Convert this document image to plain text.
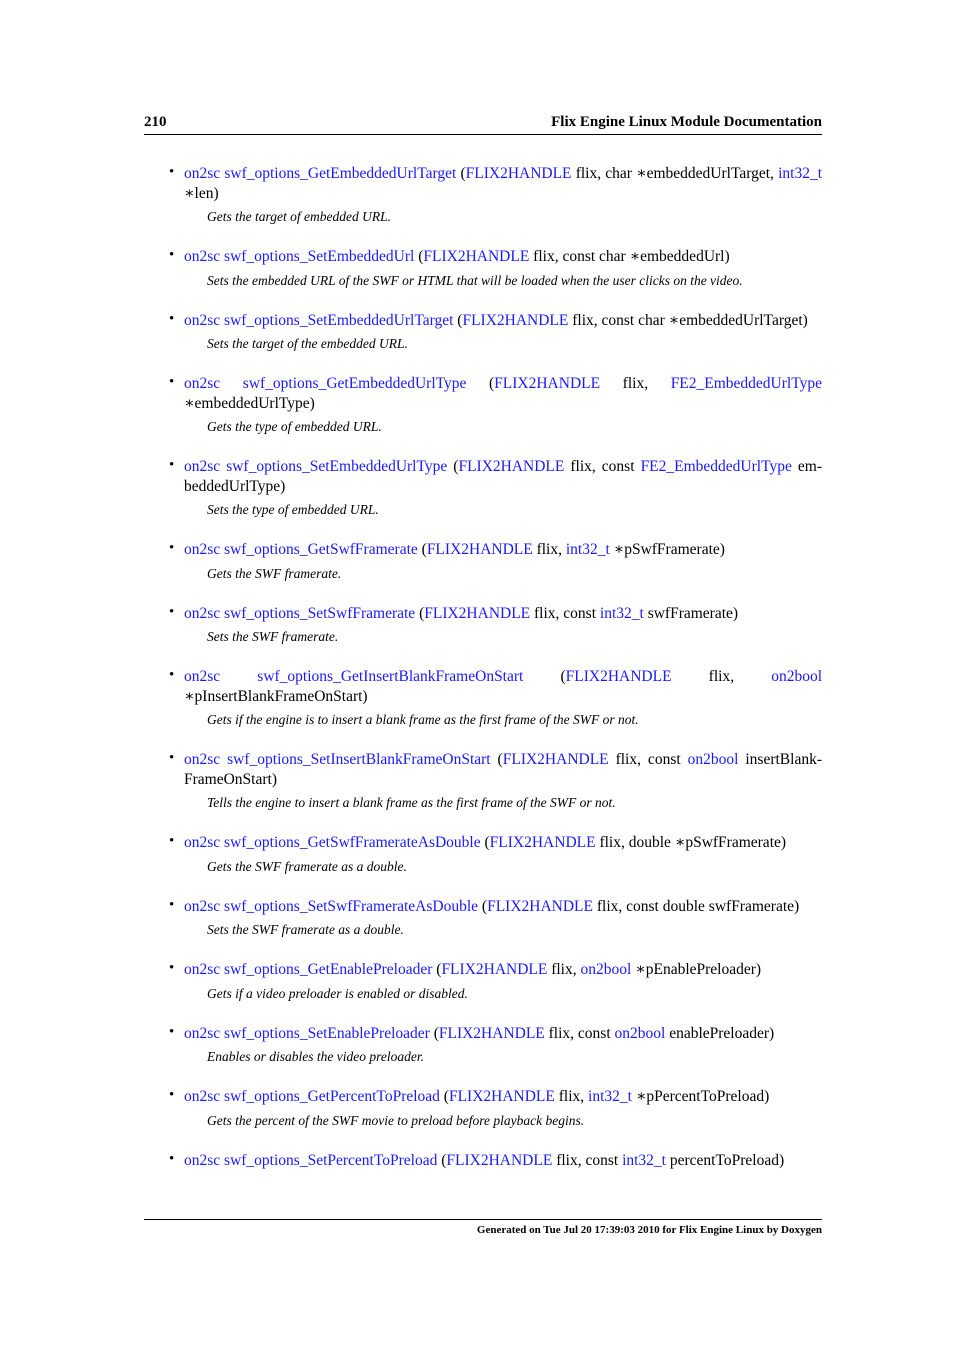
210	Flix Engine Linux Module Documentation
• on2sc swf_options_GetEmbeddedUrlTarget (FLIX2HANDLE flix, char ∗embeddedUrlTarget, int32_t ∗len)
Gets the target of embedded URL.
• on2sc swf_options_SetEmbeddedUrl (FLIX2HANDLE flix, const char ∗embeddedUrl)
Sets the embedded URL of the SWF or HTML that will be loaded when the user clicks on the video.
• on2sc swf_options_SetEmbeddedUrlTarget (FLIX2HANDLE flix, const char ∗embeddedUrlTarget)
Sets the target of the embedded URL.
• on2sc swf_options_GetEmbeddedUrlType (FLIX2HANDLE flix, FE2_EmbeddedUrlType ∗embeddedUrlType)
Gets the type of embedded URL.
• on2sc swf_options_SetEmbeddedUrlType (FLIX2HANDLE flix, const FE2_EmbeddedUrlType embeddedUrlType)
Sets the type of embedded URL.
• on2sc swf_options_GetSwfFramerate (FLIX2HANDLE flix, int32_t ∗pSwfFramerate)
Gets the SWF framerate.
• on2sc swf_options_SetSwfFramerate (FLIX2HANDLE flix, const int32_t swfFramerate)
Sets the SWF framerate.
• on2sc swf_options_GetInsertBlankFrameOnStart (FLIX2HANDLE flix, on2bool ∗pInsertBlankFrameOnStart)
Gets if the engine is to insert a blank frame as the first frame of the SWF or not.
• on2sc swf_options_SetInsertBlankFrameOnStart (FLIX2HANDLE flix, const on2bool insertBlankFrameOnStart)
Tells the engine to insert a blank frame as the first frame of the SWF or not.
• on2sc swf_options_GetSwfFramerateAsDouble (FLIX2HANDLE flix, double ∗pSwfFramerate)
Gets the SWF framerate as a double.
• on2sc swf_options_SetSwfFramerateAsDouble (FLIX2HANDLE flix, const double swfFramerate)
Sets the SWF framerate as a double.
• on2sc swf_options_GetEnablePreloader (FLIX2HANDLE flix, on2bool ∗pEnablePreloader)
Gets if a video preloader is enabled or disabled.
• on2sc swf_options_SetEnablePreloader (FLIX2HANDLE flix, const on2bool enablePreloader)
Enables or disables the video preloader.
• on2sc swf_options_GetPercentToPreload (FLIX2HANDLE flix, int32_t ∗pPercentToPreload)
Gets the percent of the SWF movie to preload before playback begins.
• on2sc swf_options_SetPercentToPreload (FLIX2HANDLE flix, const int32_t percentToPreload)
Generated on Tue Jul 20 17:39:03 2010 for Flix Engine Linux by Doxygen
